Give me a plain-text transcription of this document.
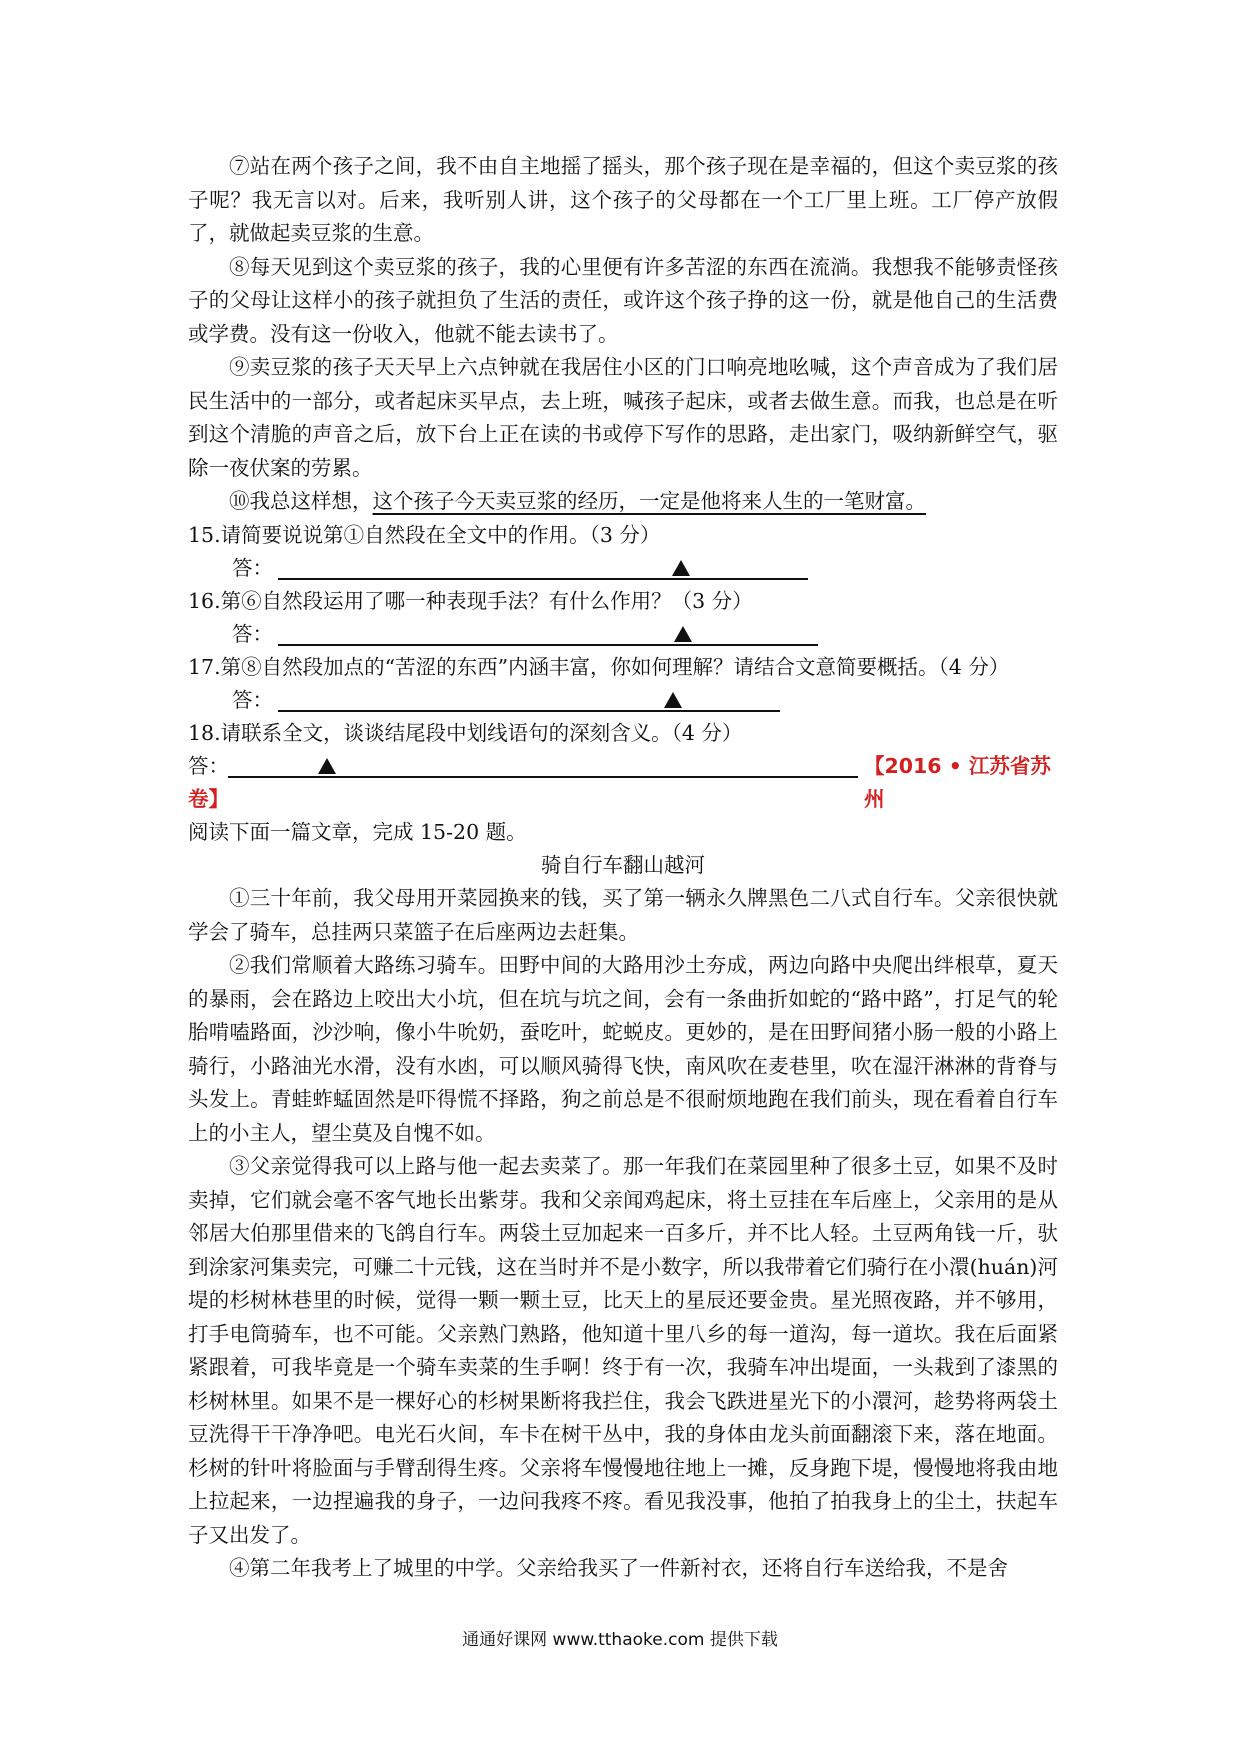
⑦站在两个孩子之间，我不由自主地摇了摇头，那个孩子现在是幸福的，但这个卖豆浆的孩子呢？我无言以对。后来，我听别人讲，这个孩子的父母都在一个工厂里上班。工厂停产放假了，就做起卖豆浆的生意。

⑧每天见到这个卖豆浆的孩子，我的心里便有许多苦涩的东西在流淌。我想我不能够责怪孩子的父母让这样小的孩子就担负了生活的责任，或许这个孩子挣的这一份，就是他自己的生活费或学费。没有这一份收入，他就不能去读书了。

⑨卖豆浆的孩子天天早上六点钟就在我居住小区的门口响亮地吆喊，这个声音成为了我们居民生活中的一部分，或者起床买早点，去上班，喊孩子起床，或者去做生意。而我，也总是在听到这个清脆的声音之后，放下台上正在读的书或停下写作的思路，走出家门，吸纳新鲜空气，驱除一夜伏案的劳累。

⑩我总这样想，这个孩子今天卖豆浆的经历，一定是他将来人生的一笔财富。

15.请简要说说第①自然段在全文中的作用。（3 分）

答：

16.第⑥自然段运用了哪一种表现手法？有什么作用？（3 分）

答：

17.第⑧自然段加点的“苦涩的东西”内涵丰富，你如何理解？请结合文意简要概括。（4 分）

答：

18.请联系全文，谈谈结尾段中划线语句的深刻含义。（4 分）

答：	【2016 • 江苏省苏州

卷】

阅读下面一篇文章，完成 15-20 题。

骑自行车翻山越河

①三十年前，我父母用开菜园换来的钱，买了第一辆永久牌黑色二八式自行车。父亲很快就学会了骑车，总挂两只菜篮子在后座两边去赶集。

②我们常顺着大路练习骑车。田野中间的大路用沙土夯成，两边向路中央爬出绊根草，夏天的暴雨，会在路边上咬出大小坑，但在坑与坑之间，会有一条曲折如蛇的“路中路”，打足气的轮胎啃嗑路面，沙沙响，像小牛吮奶，蚕吃叶，蛇蜕皮。更妙的，是在田野间猪小肠一般的小路上骑行，小路油光水滑，没有水凼，可以顺风骑得飞快，南风吹在麦巷里，吹在湿汗淋淋的背脊与头发上。青蛙蚱蜢固然是吓得慌不择路，狗之前总是不很耐烦地跑在我们前头，现在看着自行车上的小主人，望尘莫及自愧不如。

③父亲觉得我可以上路与他一起去卖菜了。那一年我们在菜园里种了很多土豆，如果不及时卖掉，它们就会毫不客气地长出紫芽。我和父亲闻鸡起床，将土豆挂在车后座上，父亲用的是从邻居大伯那里借来的飞鸽自行车。两袋土豆加起来一百多斤，并不比人轻。土豆两角钱一斤，驮到涂家河集卖完，可赚二十元钱，这在当时并不是小数字，所以我带着它们骑行在小澴(huán)河堤的杉树林巷里的时候，觉得一颗一颗土豆，比天上的星辰还要金贵。星光照夜路，并不够用，打手电筒骑车，也不可能。父亲熟门熟路，他知道十里八乡的每一道沟，每一道坎。我在后面紧紧跟着，可我毕竟是一个骑车卖菜的生手啊！终于有一次，我骑车冲出堤面，一头栽到了漆黑的杉树林里。如果不是一棵好心的杉树果断将我拦住，我会飞跌进星光下的小澴河，趁势将两袋土豆洗得干干净净吧。电光石火间，车卡在树干丛中，我的身体由龙头前面翻滚下来，落在地面。杉树的针叶将脸面与手臂刮得生疼。父亲将车慢慢地往地上一摊，反身跑下堤，慢慢地将我由地上拉起来，一边捏遍我的身子，一边问我疼不疼。看见我没事，他拍了拍我身上的尘土，扶起车子又出发了。

④第二年我考上了城里的中学。父亲给我买了一件新衬衣，还将自行车送给我，不是舍

通通好课网 www.tthaoke.com 提供下载
